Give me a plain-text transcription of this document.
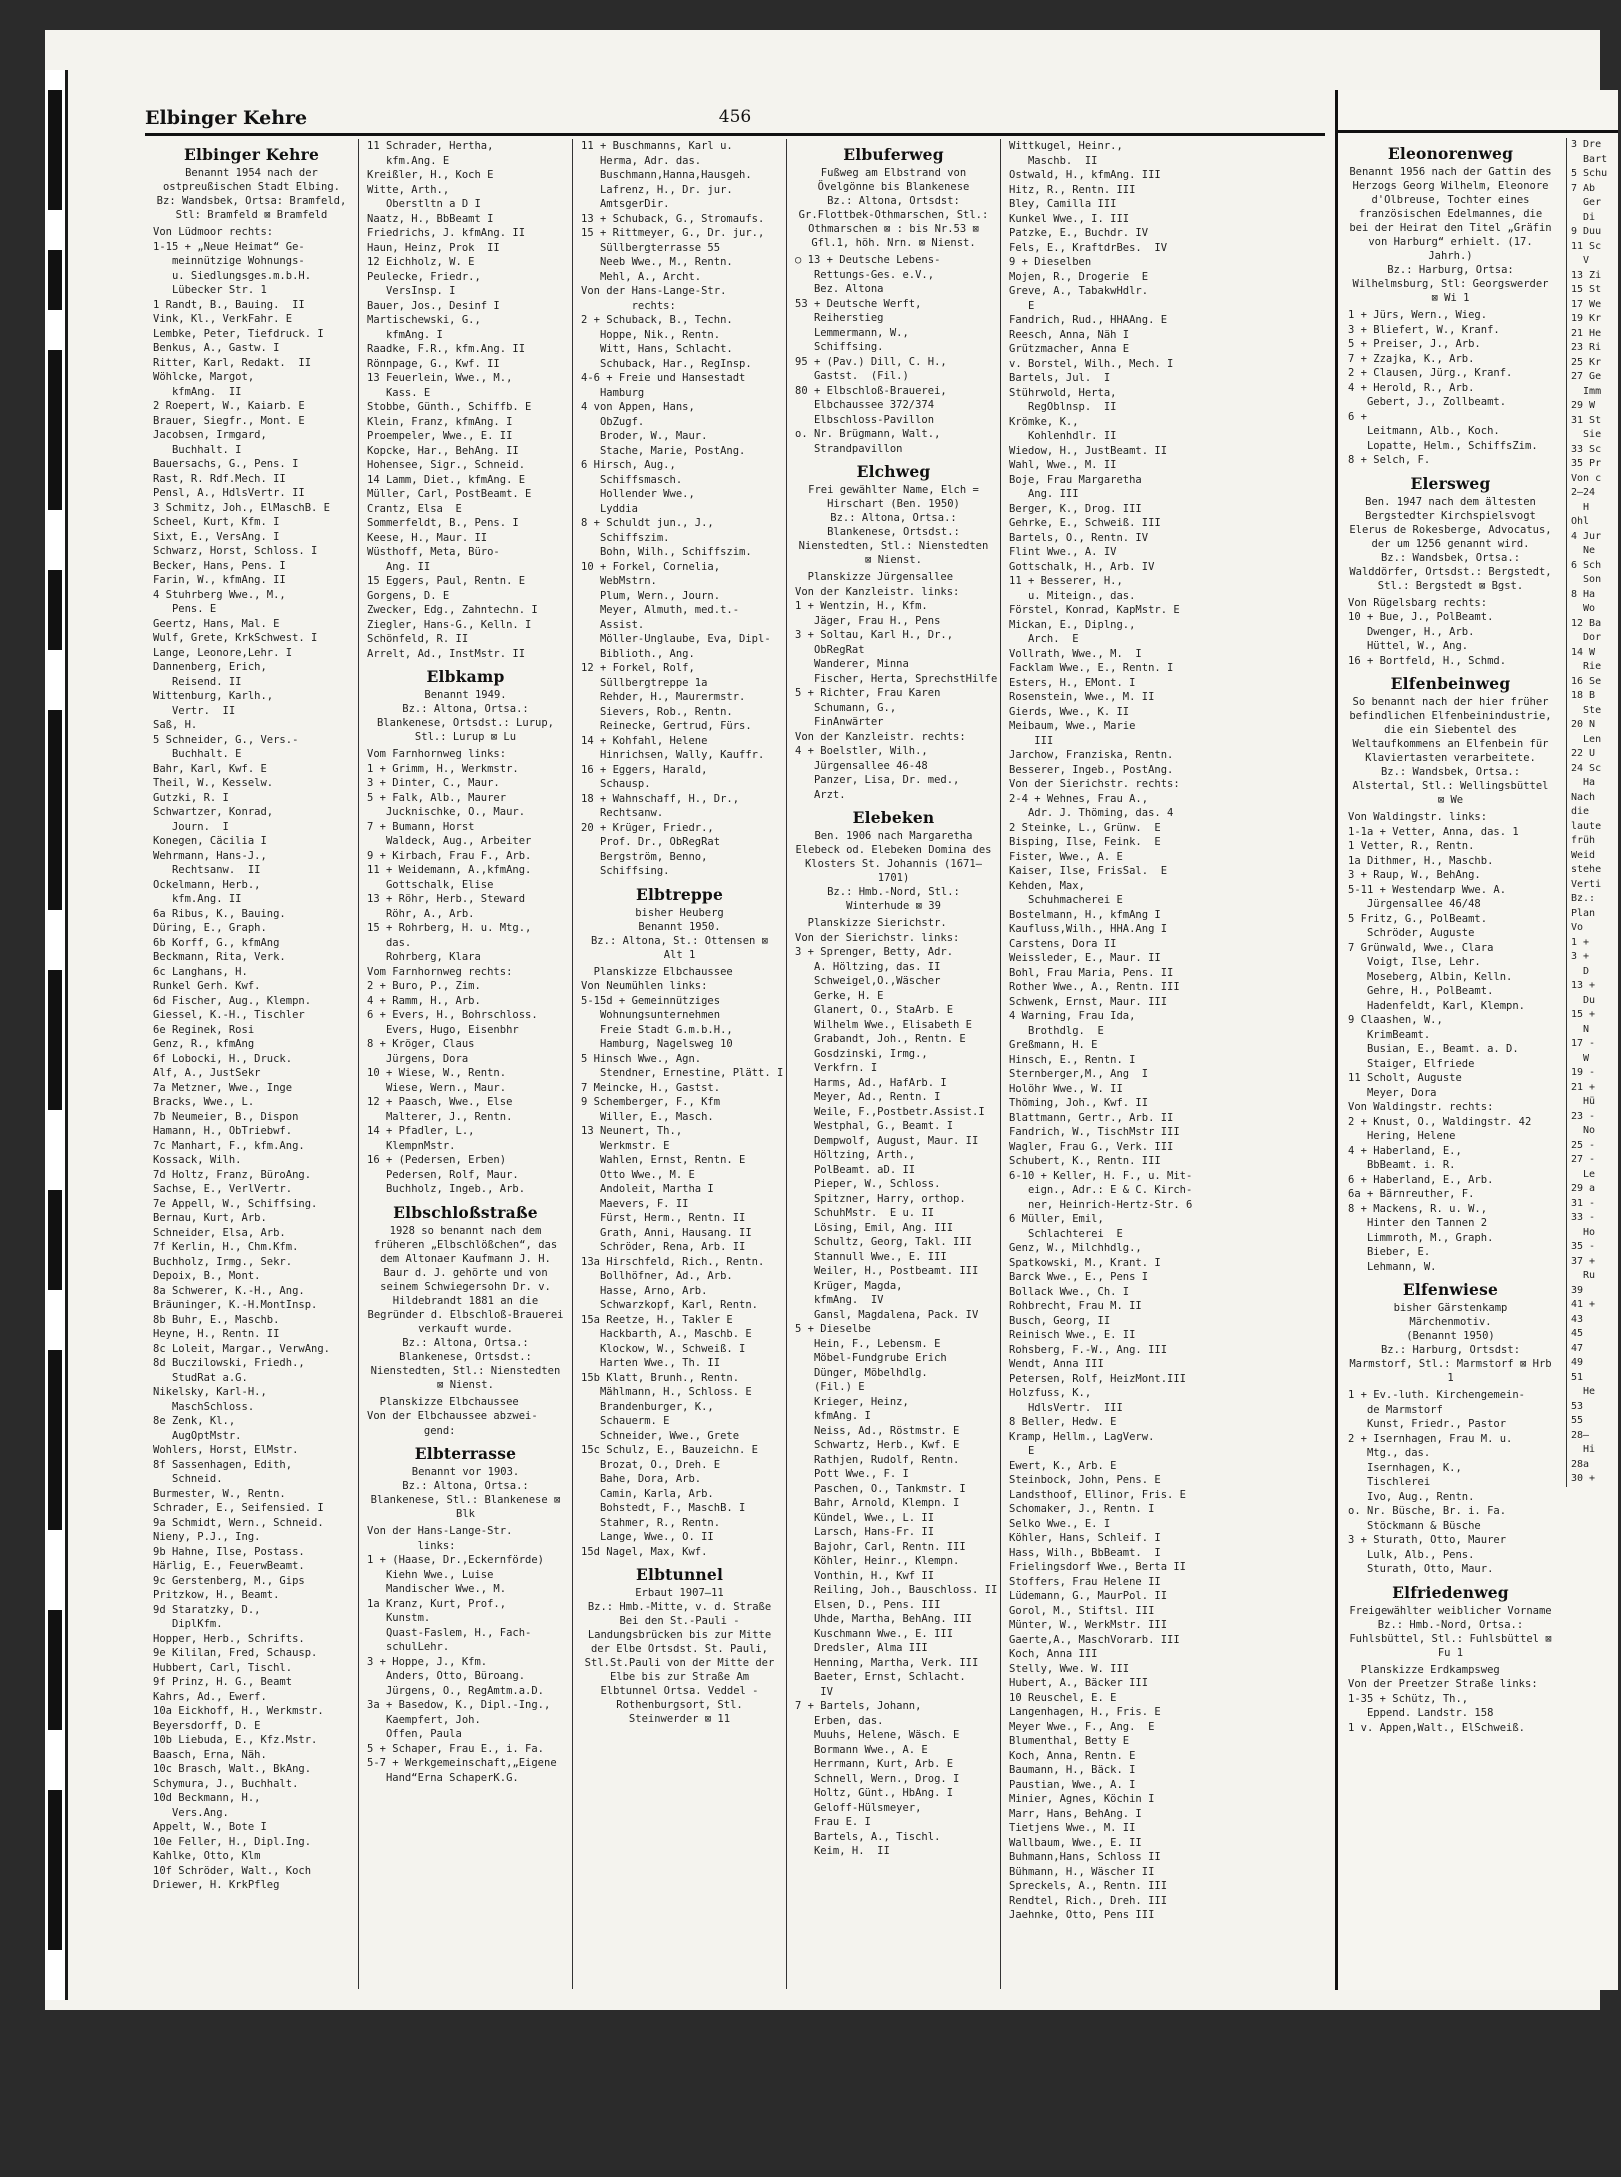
Elbinger Kehre	456
Elbinger Kehre
Benannt 1954 nach der ostpreußischen Stadt Elbing.
Bz: Wandsbek, Ortsa: Bramfeld, Stl: Bramfeld ⊠ Bramfeld
Von Lüdmoor rechts:
1-15 + „Neue Heimat“ Ge-
meinnützige Wohnungs-
u. Siedlungsges.m.b.H.
Lübecker Str. 1
1 Randt, B., Bauing.  II
Vink, Kl., VerkFahr. E
Lembke, Peter, Tiefdruck. I
Benkus, A., Gastw. I
Ritter, Karl, Redakt.  II
Wöhlcke, Margot,
kfmAng.  II
2 Roepert, W., Kaiarb. E
Brauer, Siegfr., Mont. E
Jacobsen, Irmgard,
Buchhalt. I
Bauersachs, G., Pens. I
Rast, R. Rdf.Mech. II
Pensl, A., HdlsVertr. II
3 Schmitz, Joh., ElMaschB. E
Scheel, Kurt, Kfm. I
Sixt, E., VersAng. I
Schwarz, Horst, Schloss. I
Becker, Hans, Pens. I
Farin, W., kfmAng. II
4 Stuhrberg Wwe., M.,
Pens. E
Geertz, Hans, Mal. E
Wulf, Grete, KrkSchwest. I
Lange, Leonore,Lehr. I
Dannenberg, Erich,
Reisend. II
Wittenburg, Karlh.,
Vertr.  II
Saß, H.
5 Schneider, G., Vers.-
Buchhalt. E
Bahr, Karl, Kwf. E
Theil, W., Kesselw.
Gutzki, R. I
Schwartzer, Konrad,
Journ.  I
Konegen, Cäcilia I
Wehrmann, Hans-J.,
Rechtsanw.  II
Ockelmann, Herb.,
kfm.Ang. II
6a Ribus, K., Bauing.
Düring, E., Graph.
6b Korff, G., kfmAng
Beckmann, Rita, Verk.
6c Langhans, H.
Runkel Gerh. Kwf.
6d Fischer, Aug., Klempn.
Giessel, K.-H., Tischler
6e Reginek, Rosi
Genz, R., kfmAng
6f Lobocki, H., Druck.
Alf, A., JustSekr
7a Metzner, Wwe., Inge
Bracks, Wwe., L.
7b Neumeier, B., Dispon
Hamann, H., ObTriebwf.
7c Manhart, F., kfm.Ang.
Kossack, Wilh.
7d Holtz, Franz, BüroAng.
Sachse, E., VerlVertr.
7e Appell, W., Schiffsing.
Bernau, Kurt, Arb.
Schneider, Elsa, Arb.
7f Kerlin, H., Chm.Kfm.
Buchholz, Irmg., Sekr.
Depoix, B., Mont.
8a Schwerer, K.-H., Ang.
Bräuninger, K.-H.MontInsp.
8b Buhr, E., Maschb.
Heyne, H., Rentn. II
8c Loleit, Margar., VerwAng.
8d Buczilowski, Friedh.,
StudRat a.G.
Nikelsky, Karl-H.,
MaschSchloss.
8e Zenk, Kl.,
AugOptMstr.
Wohlers, Horst, ElMstr.
8f Sassenhagen, Edith,
Schneid.
Burmester, W., Rentn.
Schrader, E., Seifensied. I
9a Schmidt, Wern., Schneid.
Nieny, P.J., Ing.
9b Hahne, Ilse, Postass.
Härlig, E., FeuerwBeamt.
9c Gerstenberg, M., Gips
Pritzkow, H., Beamt.
9d Staratzky, D.,
DiplKfm.
Hopper, Herb., Schrifts.
9e Kililan, Fred, Schausp.
Hubbert, Carl, Tischl.
9f Prinz, H. G., Beamt
Kahrs, Ad., Ewerf.
10a Eickhoff, H., Werkmstr.
Beyersdorff, D. E
10b Liebuda, E., Kfz.Mstr.
Baasch, Erna, Näh.
10c Brasch, Walt., BkAng.
Schymura, J., Buchhalt.
10d Beckmann, H.,
Vers.Ang.
Appelt, W., Bote I
10e Feller, H., Dipl.Ing.
Kahlke, Otto, Klm
10f Schröder, Walt., Koch
Driewer, H. KrkPfleg
11 Schrader, Hertha,
kfm.Ang. E
Kreißler, H., Koch E
Witte, Arth.,
Oberstltn a D I
Naatz, H., BbBeamt I
Friedrichs, J. kfmAng. II
Haun, Heinz, Prok  II
12 Eichholz, W. E
Peulecke, Friedr.,
VersInsp. I
Bauer, Jos., Desinf I
Martischewski, G.,
kfmAng. I
Raadke, F.R., kfm.Ang. II
Rönnpage, G., Kwf. II
13 Feuerlein, Wwe., M.,
Kass. E
Stobbe, Günth., Schiffb. E
Klein, Franz, kfmAng. I
Proempeler, Wwe., E. II
Kopcke, Har., BehAng. II
Hohensee, Sigr., Schneid.
14 Lamm, Diet., kfmAng. E
Müller, Carl, PostBeamt. E
Crantz, Elsa  E
Sommerfeldt, B., Pens. I
Keese, H., Maur. II
Wüsthoff, Meta, Büro-
Ang. II
15 Eggers, Paul, Rentn. E
Gorgens, D. E
Zwecker, Edg., Zahntechn. I
Ziegler, Hans-G., Kelln. I
Schönfeld, R. II
Arrelt, Ad., InstMstr. II
Elbkamp
Benannt 1949.
Bz.: Altona, Ortsa.: Blankenese, Ortsdst.: Lurup, Stl.: Lurup ⊠ Lu
Vom Farnhornweg links:
1 + Grimm, H., Werkmstr.
3 + Dinter, C., Maur.
5 + Falk, Alb., Maurer
Jucknischke, O., Maur.
7 + Bumann, Horst
Waldeck, Aug., Arbeiter
9 + Kirbach, Frau F., Arb.
11 + Weidemann, A.,kfmAng.
Gottschalk, Elise
13 + Röhr, Herb., Steward
Röhr, A., Arb.
15 + Rohrberg, H. u. Mtg.,
das.
Rohrberg, Klara
Vom Farnhornweg rechts:
2 + Buro, P., Zim.
4 + Ramm, H., Arb.
6 + Evers, H., Bohrschloss.
Evers, Hugo, Eisenbhr
8 + Kröger, Claus
Jürgens, Dora
10 + Wiese, W., Rentn.
Wiese, Wern., Maur.
12 + Paasch, Wwe., Else
Malterer, J., Rentn.
14 + Pfadler, L.,
KlempnMstr.
16 + (Pedersen, Erben)
Pedersen, Rolf, Maur.
Buchholz, Ingeb., Arb.
Elbschloßstraße
1928 so benannt nach dem früheren „Elbschlößchen“, das dem Altonaer Kaufmann J. H. Baur d. J. gehörte und von seinem Schwiegersohn Dr. v. Hildebrandt 1881 an die Begründer d. Elbschloß-Brauerei verkauft wurde.
Bz.: Altona, Ortsa.: Blankenese, Ortsdst.: Nienstedten, Stl.: Nienstedten ⊠ Nienst.
Planskizze Elbchaussee
Von der Elbchaussee abzwei-
gend:
Elbterrasse
Benannt vor 1903.
Bz.: Altona, Ortsa.: Blankenese, Stl.: Blankenese ⊠ Blk
Von der Hans-Lange-Str.
links:
1 + (Haase, Dr.,Eckernförde)
Kiehn Wwe., Luise
Mandischer Wwe., M.
1a Kranz, Kurt, Prof.,
Kunstm.
Quast-Faslem, H., Fach-
schulLehr.
3 + Hoppe, J., Kfm.
Anders, Otto, Büroang.
Jürgens, O., RegAmtm.a.D.
3a + Basedow, K., Dipl.-Ing.,
Kaempfert, Joh.
Offen, Paula
5 + Schaper, Frau E., i. Fa.
5-7 + Werkgemeinschaft,„Eigene
Hand“Erna SchaperK.G.
11 + Buschmanns, Karl u.
Herma, Adr. das.
Buschmann,Hanna,Hausgeh.
Lafrenz, H., Dr. jur.
AmtsgerDir.
13 + Schuback, G., Stromaufs.
15 + Rittmeyer, G., Dr. jur.,
Süllbergterrasse 55
Neeb Wwe., M., Rentn.
Mehl, A., Archt.
Von der Hans-Lange-Str.
rechts:
2 + Schuback, B., Techn.
Hoppe, Nik., Rentn.
Witt, Hans, Schlacht.
Schuback, Har., RegInsp.
4-6 + Freie und Hansestadt
Hamburg
4 von Appen, Hans,
ObZugf.
Broder, W., Maur.
Stache, Marie, PostAng.
6 Hirsch, Aug.,
Schiffsmasch.
Hollender Wwe.,
Lyddia
8 + Schuldt jun., J.,
Schiffszim.
Bohn, Wilh., Schiffszim.
10 + Forkel, Cornelia,
WebMstrn.
Plum, Wern., Journ.
Meyer, Almuth, med.t.-
Assist.
Möller-Unglaube, Eva, Dipl-
Biblioth., Ang.
12 + Forkel, Rolf,
Süllbergtreppe 1a
Rehder, H., Maurermstr.
Sievers, Rob., Rentn.
Reinecke, Gertrud, Fürs.
14 + Kohfahl, Helene
Hinrichsen, Wally, Kauffr.
16 + Eggers, Harald,
Schausp.
18 + Wahnschaff, H., Dr.,
Rechtsanw.
20 + Krüger, Friedr.,
Prof. Dr., ObRegRat
Bergström, Benno,
Schiffsing.
Elbtreppe
bisher Heuberg
Benannt 1950.
Bz.: Altona, St.: Ottensen ⊠ Alt 1
Planskizze Elbchaussee
Von Neumühlen links:
5-15d + Gemeinnütziges
Wohnungsunternehmen
Freie Stadt G.m.b.H.,
Hamburg, Nagelsweg 10
5 Hinsch Wwe., Agn.
Stendner, Ernestine, Plätt. I
7 Meincke, H., Gastst.
9 Schemberger, F., Kfm
Willer, E., Masch.
13 Neunert, Th.,
Werkmstr. E
Wahlen, Ernst, Rentn. E
Otto Wwe., M. E
Andoleit, Martha I
Maevers, F. II
Fürst, Herm., Rentn. II
Grath, Anni, Hausang. II
Schröder, Rena, Arb. II
13a Hirschfeld, Rich., Rentn.
Bollhöfner, Ad., Arb.
Hasse, Arno, Arb.
Schwarzkopf, Karl, Rentn.
15a Reetze, H., Takler E
Hackbarth, A., Maschb. E
Klockow, W., Schweiß. I
Harten Wwe., Th. II
15b Klatt, Brunh., Rentn.
Mählmann, H., Schloss. E
Brandenburger, K.,
Schauerm. E
Schneider, Wwe., Grete
15c Schulz, E., Bauzeichn. E
Brozat, O., Dreh. E
Bahe, Dora, Arb.
Camin, Karla, Arb.
Bohstedt, F., MaschB. I
Stahmer, R., Rentn.
Lange, Wwe., O. II
15d Nagel, Max, Kwf.
Elbtunnel
Erbaut 1907—11
Bz.: Hmb.-Mitte, v. d. Straße Bei den St.-Pauli - Landungsbrücken bis zur Mitte der Elbe Ortsdst. St. Pauli, Stl.St.Pauli von der Mitte der Elbe bis zur Straße Am Elbtunnel Ortsa. Veddel - Rothenburgsort, Stl. Steinwerder ⊠ 11
Elbuferweg
Fußweg am Elbstrand von Övelgönne bis Blankenese
Bz.: Altona, Ortsdst: Gr.Flottbek-Othmarschen, Stl.: Othmarschen ⊠ : bis Nr.53 ⊠ Gfl.1, höh. Nrn. ⊠ Nienst.
○ 13 + Deutsche Lebens-
Rettungs-Ges. e.V.,
Bez. Altona
53 + Deutsche Werft,
Reiherstieg
Lemmermann, W.,
Schiffsing.
95 + (Pav.) Dill, C. H.,
Gastst.  (Fil.)
80 + Elbschloß-Brauerei,
Elbchaussee 372/374
Elbschloss-Pavillon
o. Nr. Brügmann, Walt.,
Strandpavillon
Elchweg
Frei gewählter Name, Elch = Hirschart (Ben. 1950)
Bz.: Altona, Ortsa.: Blankenese, Ortsdst.: Nienstedten, Stl.: Nienstedten ⊠ Nienst.
Planskizze Jürgensallee
Von der Kanzleistr. links:
1 + Wentzin, H., Kfm.
Jäger, Frau H., Pens
3 + Soltau, Karl H., Dr.,
ObRegRat
Wanderer, Minna
Fischer, Herta, SprechstHilfe
5 + Richter, Frau Karen
Schumann, G.,
FinAnwärter
Von der Kanzleistr. rechts:
4 + Boelstler, Wilh.,
Jürgensallee 46-48
Panzer, Lisa, Dr. med.,
Arzt.
Elebeken
Ben. 1906 nach Margaretha Elebeck od. Elebeken Domina des Klosters St. Johannis (1671—1701)
Bz.: Hmb.-Nord, Stl.: Winterhude ⊠ 39
Planskizze Sierichstr.
Von der Sierichstr. links:
3 + Sprenger, Betty, Adr.
A. Höltzing, das. II
Schweigel,O.,Wäscher
Gerke, H. E
Glanert, O., StaArb. E
Wilhelm Wwe., Elisabeth E
Grabandt, Joh., Rentn. E
Gosdzinski, Irmg.,
Verkfrn. I
Harms, Ad., HafArb. I
Meyer, Ad., Rentn. I
Weile, F.,Postbetr.Assist.I
Westphal, G., Beamt. I
Dempwolf, August, Maur. II
Höltzing, Arth.,
PolBeamt. aD. II
Pieper, W., Schloss.
Spitzner, Harry, orthop.
SchuhMstr.  E u. II
Lösing, Emil, Ang. III
Schultz, Georg, Takl. III
Stannull Wwe., E. III
Weiler, H., Postbeamt. III
Krüger, Magda,
kfmAng.  IV
Gansl, Magdalena, Pack. IV
5 + Dieselbe
Hein, F., Lebensm. E
Möbel-Fundgrube Erich
Dünger, Möbelhdlg.
(Fil.) E
Krieger, Heinz,
kfmAng. I
Neiss, Ad., Röstmstr. E
Schwartz, Herb., Kwf. E
Rathjen, Rudolf, Rentn.
Pott Wwe., F. I
Paschen, O., Tankmstr. I
Bahr, Arnold, Klempn. I
Kündel, Wwe., L. II
Larsch, Hans-Fr. II
Bajohr, Carl, Rentn. III
Köhler, Heinr., Klempn.
Vonthin, H., Kwf II
Reiling, Joh., Bauschloss. II
Elsen, D., Pens. III
Uhde, Martha, BehAng. III
Kuschmann Wwe., E. III
Dredsler, Alma III
Henning, Martha, Verk. III
Baeter, Ernst, Schlacht.
IV
7 + Bartels, Johann,
Erben, das.
Muuhs, Helene, Wäsch. E
Bormann Wwe., A. E
Herrmann, Kurt, Arb. E
Schnell, Wern., Drog. I
Holtz, Günt., HbAng. I
Geloff-Hülsmeyer,
Frau E. I
Bartels, A., Tischl.
Keim, H.  II
Wittkugel, Heinr.,
Maschb.  II
Ostwald, H., kfmAng. III
Hitz, R., Rentn. III
Bley, Camilla III
Kunkel Wwe., I. III
Patzke, E., Buchdr. IV
Fels, E., KraftdrBes.  IV
9 + Dieselben
Mojen, R., Drogerie  E
Greve, A., TabakwHdlr.
E
Fandrich, Rud., HHAAng. E
Reesch, Anna, Näh I
Grützmacher, Anna E
v. Borstel, Wilh., Mech. I
Bartels, Jul.  I
Stührwold, Herta,
RegOblnsp.  II
Krömke, K.,
Kohlenhdlr. II
Wiedow, H., JustBeamt. II
Wahl, Wwe., M. II
Boje, Frau Margaretha
Ang. III
Berger, K., Drog. III
Gehrke, E., Schweiß. III
Bartels, O., Rentn. IV
Flint Wwe., A. IV
Gottschalk, H., Arb. IV
11 + Besserer, H.,
u. Miteign., das.
Förstel, Konrad, KapMstr. E
Mickan, E., Diplng.,
Arch.  E
Vollrath, Wwe., M.  I
Facklam Wwe., E., Rentn. I
Esters, H., EMont. I
Rosenstein, Wwe., M. II
Gierds, Wwe., K. II
Meibaum, Wwe., Marie
III
Jarchow, Franziska, Rentn.
Besserer, Ingeb., PostAng.
Von der Sierichstr. rechts:
2-4 + Wehnes, Frau A.,
Adr. J. Thöming, das. 4
2 Steinke, L., Grünw.  E
Bisping, Ilse, Feink.  E
Fister, Wwe., A. E
Kaiser, Ilse, FrisSal.  E
Kehden, Max,
Schuhmacherei E
Bostelmann, H., kfmAng I
Kaufluss,Wilh., HHA.Ang I
Carstens, Dora II
Weissleder, E., Maur. II
Bohl, Frau Maria, Pens. II
Rother Wwe., A., Rentn. III
Schwenk, Ernst, Maur. III
4 Warning, Frau Ida,
Brothdlg.  E
Greßmann, H. E
Hinsch, E., Rentn. I
Sternberger,M., Ang  I
Holöhr Wwe., W. II
Thöming, Joh., Kwf. II
Blattmann, Gertr., Arb. II
Fandrich, W., TischMstr III
Wagler, Frau G., Verk. III
Schubert, K., Rentn. III
6-10 + Keller, H. F., u. Mit-
eign., Adr.: E & C. Kirch-
ner, Heinrich-Hertz-Str. 6
6 Müller, Emil,
Schlachterei  E
Genz, W., Milchhdlg.,
Spatkowski, M., Krant. I
Barck Wwe., E., Pens I
Bollack Wwe., Ch. I
Rohbrecht, Frau M. II
Busch, Georg, II
Reinisch Wwe., E. II
Rohsberg, F.-W., Ang. III
Wendt, Anna III
Petersen, Rolf, HeizMont.III
Holzfuss, K.,
HdlsVertr.  III
8 Beller, Hedw. E
Kramp, Hellm., LagVerw.
E
Ewert, K., Arb. E
Steinbock, John, Pens. E
Landsthoof, Ellinor, Fris. E
Schomaker, J., Rentn. I
Selko Wwe., E. I
Köhler, Hans, Schleif. I
Hass, Wilh., BbBeamt.  I
Frielingsdorf Wwe., Berta II
Stoffers, Frau Helene II
Lüdemann, G., MaurPol. II
Gorol, M., Stiftsl. III
Münter, W., WerkMstr. III
Gaerte,A., MaschVorarb. III
Koch, Anna III
Stelly, Wwe. W. III
Hubert, A., Bäcker III
10 Reuschel, E. E
Langenhagen, H., Fris. E
Meyer Wwe., F., Ang.  E
Blumenthal, Betty E
Koch, Anna, Rentn. E
Baumann, H., Bäck. I
Paustian, Wwe., A. I
Minier, Agnes, Köchin I
Marr, Hans, BehAng. I
Tietjens Wwe., M. II
Wallbaum, Wwe., E. II
Buhmann,Hans, Schloss II
Bühmann, H., Wäscher II
Spreckels, A., Rentn. III
Rendtel, Rich., Dreh. III
Jaehnke, Otto, Pens III
Eleonorenweg
Benannt 1956 nach der Gattin des Herzogs Georg Wilhelm, Eleonore d'Olbreuse, Tochter eines französischen Edelmannes, die bei der Heirat den Titel „Gräfin von Harburg“ erhielt. (17. Jahrh.)
Bz.: Harburg, Ortsa: Wilhelmsburg, Stl: Georgswerder ⊠ Wi 1
1 + Jürs, Wern., Wieg.
3 + Bliefert, W., Kranf.
5 + Preiser, J., Arb.
7 + Zzajka, K., Arb.
2 + Clausen, Jürg., Kranf.
4 + Herold, R., Arb.
Gebert, J., Zollbeamt.
6 +
Leitmann, Alb., Koch.
Lopatte, Helm., SchiffsZim.
8 + Selch, F.
Elersweg
Ben. 1947 nach dem ältesten Bergstedter Kirchspielsvogt Elerus de Rokesberge, Advocatus, der um 1256 genannt wird.
Bz.: Wandsbek, Ortsa.: Walddörfer, Ortsdst.: Bergstedt, Stl.: Bergstedt ⊠ Bgst.
Von Rügelsbarg rechts:
10 + Bue, J., PolBeamt.
Dwenger, H., Arb.
Hüttel, W., Ang.
16 + Bortfeld, H., Schmd.
Elfenbeinweg
So benannt nach der hier früher befindlichen Elfenbeinindustrie, die ein Siebentel des Weltaufkommens an Elfenbein für Klaviertasten verarbeitete.
Bz.: Wandsbek, Ortsa.: Alstertal, Stl.: Wellingsbüttel ⊠ We
Von Waldingstr. links:
1-1a + Vetter, Anna, das. 1
1 Vetter, R., Rentn.
1a Dithmer, H., Maschb.
3 + Raup, W., BehAng.
5-11 + Westendarp Wwe. A.
Jürgensallee 46/48
5 Fritz, G., PolBeamt.
Schröder, Auguste
7 Grünwald, Wwe., Clara
Voigt, Ilse, Lehr.
Moseberg, Albin, Kelln.
Gehre, H., PolBeamt.
Hadenfeldt, Karl, Klempn.
9 Claashen, W.,
KrimBeamt.
Busian, E., Beamt. a. D.
Staiger, Elfriede
11 Scholt, Auguste
Meyer, Dora
Von Waldingstr. rechts:
2 + Knust, O., Waldingstr. 42
Hering, Helene
4 + Haberland, E.,
BbBeamt. i. R.
6 + Haberland, E., Arb.
6a + Bärnreuther, F.
8 + Mackens, R. u. W.,
Hinter den Tannen 2
Limmroth, M., Graph.
Bieber, E.
Lehmann, W.
Elfenwiese
bisher Gärstenkamp
Märchenmotiv.
(Benannt 1950)
Bz.: Harburg, Ortsdst: Marmstorf, Stl.: Marmstorf ⊠ Hrb 1
1 + Ev.-luth. Kirchengemein-
de Marmstorf
Kunst, Friedr., Pastor
2 + Isernhagen, Frau M. u.
Mtg., das.
Isernhagen, K.,
Tischlerei
Ivo, Aug., Rentn.
o. Nr. Büsche, Br. i. Fa.
Stöckmann & Büsche
3 + Sturath, Otto, Maurer
Lulk, Alb., Pens.
Sturath, Otto, Maur.
Elfriedenweg
Freigewählter weiblicher Vorname
Bz.: Hmb.-Nord, Ortsa.: Fuhlsbüttel, Stl.: Fuhlsbüttel ⊠ Fu 1
Planskizze Erdkampsweg
Von der Preetzer Straße links:
1-35 + Schütz, Th.,
Eppend. Landstr. 158
1 v. Appen,Walt., ElSchweiß.
3 Dre
Bart
5 Schu
7 Ab
Ger
Di
9 Duu
11 Sc
V
13 Zi
15 St
17 We
19 Kr
21 He
23 Ri
25 Kr
27 Ge
Imm
29 W
31 St
Sie
33 Sc
35 Pr
Von c
2—24
H
Ohl
4 Jur
Ne
6 Sch
Son
8 Ha
Wo
12 Ba
Dor
14 W
Rie
16 Se
18 B
Ste
20 N
Len
22 U
24 Sc
Ha
Nach
die
laute
früh
Weid
stehe
Verti
Bz.:
Plan
Vo
1 +
3 +
D
13 +
Du
15 +
N
17 -
W
19 -
21 +
Hü
23 -
No
25 -
27 -
Le
29 a
31 -
33 -
Ho
35 -
37 +
Ru
39
41 +
43
45
47
49
51
He
53
55
28—
Hi
28a
30 +
